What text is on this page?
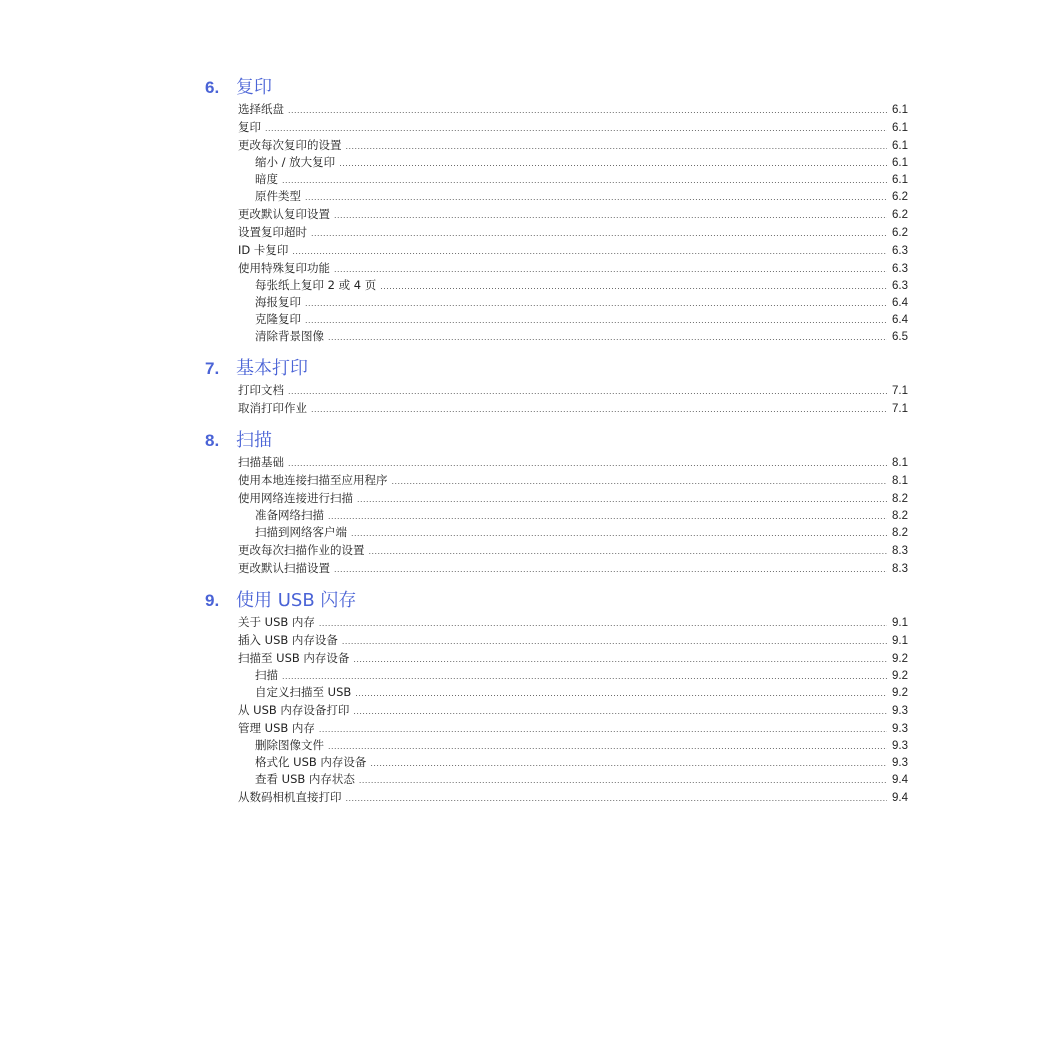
6. 复印
选择纸盘 .....	6.1
复印 .....	6.1
更改每次复印的设置 .....	6.1
缩小 / 放大复印 .....	6.1
暗度 .....	6.1
原件类型 .....	6.2
更改默认复印设置 .....	6.2
设置复印超时 .....	6.2
ID 卡复印 .....	6.3
使用特殊复印功能 .....	6.3
每张纸上复印 2 或 4 页 .....	6.3
海报复印 .....	6.4
克隆复印 .....	6.4
清除背景图像 .....	6.5
7. 基本打印
打印文档 .....	7.1
取消打印作业 .....	7.1
8. 扫描
扫描基础 .....	8.1
使用本地连接扫描至应用程序 .....	8.1
使用网络连接进行扫描 .....	8.2
准备网络扫描 .....	8.2
扫描到网络客户端 .....	8.2
更改每次扫描作业的设置 .....	8.3
更改默认扫描设置 .....	8.3
9. 使用 USB 闪存
关于 USB 内存 .....	9.1
插入 USB 内存设备 .....	9.1
扫描至 USB 内存设备 .....	9.2
扫描 .....	9.2
自定义扫描至 USB .....	9.2
从 USB 内存设备打印 .....	9.3
管理 USB 内存 .....	9.3
删除图像文件 .....	9.3
格式化 USB 内存设备 .....	9.3
查看 USB 内存状态 .....	9.4
从数码相机直接打印 .....	9.4
